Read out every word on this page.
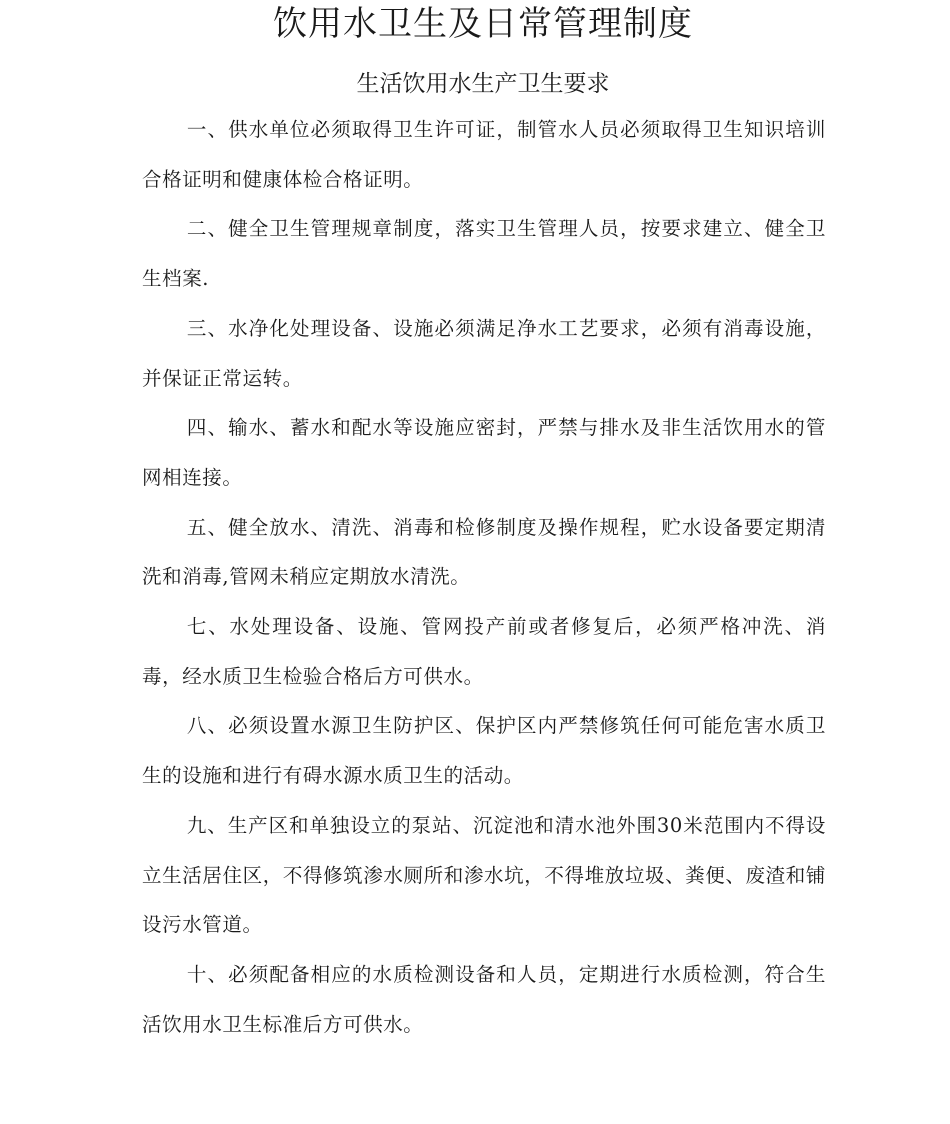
饮用水卫生及日常管理制度
生活饮用水生产卫生要求

一、供水单位必须取得卫生许可证，制管水人员必须取得卫生知识培训合格证明和健康体检合格证明。

二、健全卫生管理规章制度，落实卫生管理人员，按要求建立、健全卫生档案.

三、水净化处理设备、设施必须满足净水工艺要求，必须有消毒设施，并保证正常运转。

四、输水、蓄水和配水等设施应密封，严禁与排水及非生活饮用水的管网相连接。

五、健全放水、清洗、消毒和检修制度及操作规程，贮水设备要定期清洗和消毒,管网未稍应定期放水清洗。

七、水处理设备、设施、管网投产前或者修复后，必须严格冲洗、消毒，经水质卫生检验合格后方可供水。

八、必须设置水源卫生防护区、保护区内严禁修筑任何可能危害水质卫生的设施和进行有碍水源水质卫生的活动。

九、生产区和单独设立的泵站、沉淀池和清水池外围30米范围内不得设立生活居住区，不得修筑渗水厕所和渗水坑，不得堆放垃圾、粪便、废渣和铺设污水管道。

十、必须配备相应的水质检测设备和人员，定期进行水质检测，符合生活饮用水卫生标准后方可供水。
